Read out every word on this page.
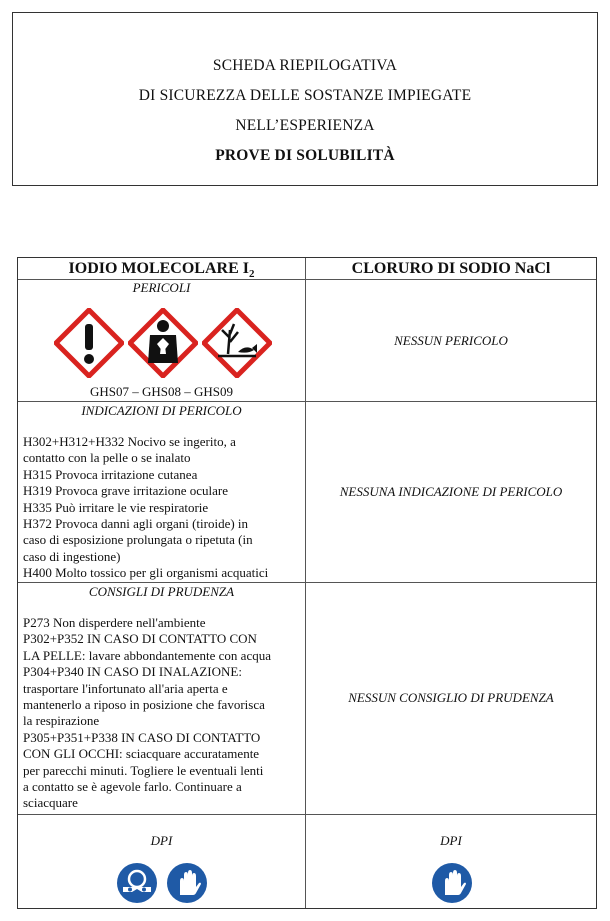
SCHEDA RIEPILOGATIVA
DI SICUREZZA DELLE SOSTANZE IMPIEGATE
NELL’ESPERIENZA
PROVE DI SOLUBILITÀ
IODIO MOLECOLARE $I_2$	CLORURO DI SODIO NaCl
PERICOLI
GHS07 – GHS08 – GHS09
NESSUN PERICOLO
INDICAZIONI DI PERICOLO
H302+H312+H332 Nocivo se ingerito, a
contatto con la pelle o se inalato
H315 Provoca irritazione cutanea
H319 Provoca grave irritazione oculare
H335 Può irritare le vie respiratorie
H372 Provoca danni agli organi (tiroide) in
caso di esposizione prolungata o ripetuta (in
caso di ingestione)
H400 Molto tossico per gli organismi acquatici
NESSUNA INDICAZIONE DI PERICOLO
CONSIGLI DI PRUDENZA
P273 Non disperdere nell'ambiente
P302+P352 IN CASO DI CONTATTO CON
LA PELLE: lavare abbondantemente con acqua
P304+P340 IN CASO DI INALAZIONE:
trasportare l'infortunato all'aria aperta e
mantenerlo a riposo in posizione che favorisca
la respirazione
P305+P351+P338 IN CASO DI CONTATTO
CON GLI OCCHI: sciacquare accuratamente
per parecchi minuti. Togliere le eventuali lenti
a contatto se è agevole farlo. Continuare a
sciacquare
NESSUN CONSIGLIO DI PRUDENZA
DPI	DPI
